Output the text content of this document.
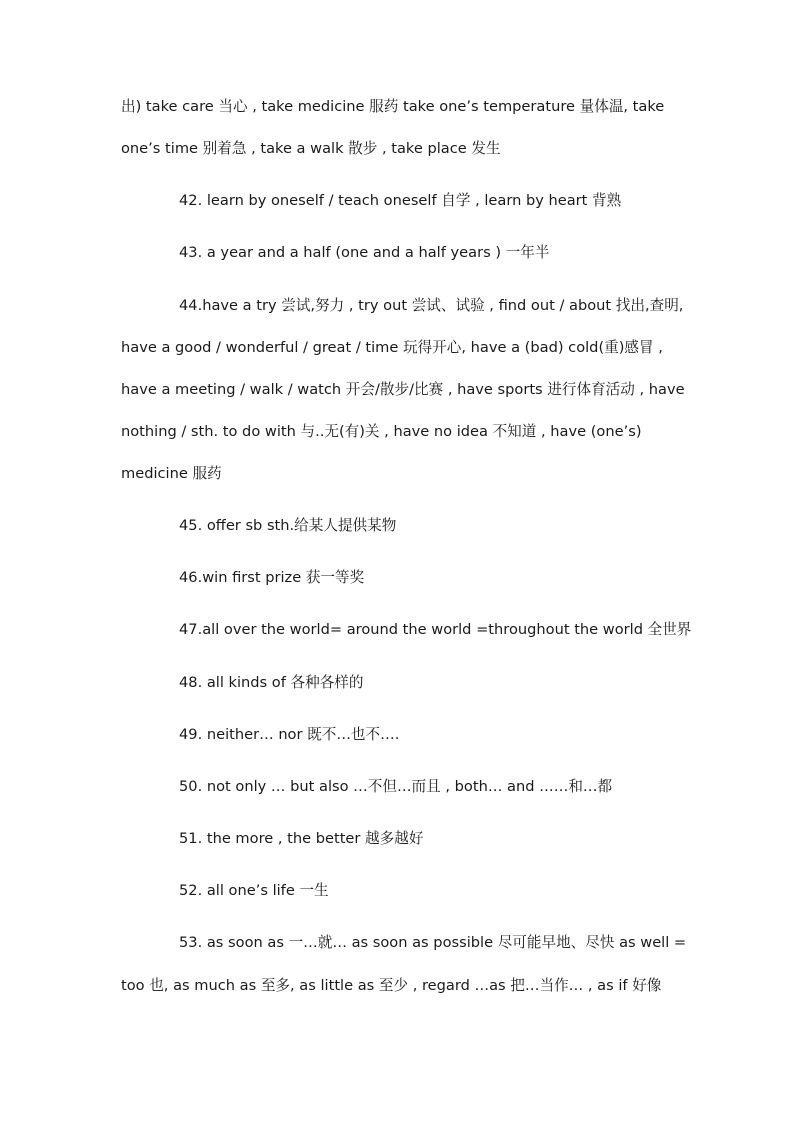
出) take care 当心 , take medicine 服药 take one’s temperature 量体温, take
one’s time 别着急 , take a walk 散步 , take place 发生
42. learn by oneself / teach oneself 自学 , learn by heart 背熟
43. a year and a half (one and a half years ) 一年半
44.have a try 尝试,努力 , try out 尝试、试验 , find out / about 找出,查明,
have a good / wonderful / great / time 玩得开心, have a (bad) cold(重)感冒 ,
have a meeting / walk / watch 开会/散步/比赛 , have sports 进行体育活动 , have
nothing / sth. to do with 与..无(有)关 , have no idea 不知道 , have (one’s)
medicine 服药
45. offer sb sth.给某人提供某物
46.win first prize 获一等奖
47.all over the world= around the world =throughout the world 全世界
48. all kinds of 各种各样的
49. neither… nor 既不…也不….
50. not only … but also …不但…而且 , both… and ……和…都
51. the more , the better 越多越好
52. all one’s life 一生
53. as soon as 一…就… as soon as possible 尽可能早地、尽快 as well =
too 也, as much as 至多, as little as 至少 , regard …as 把…当作… , as if 好像
